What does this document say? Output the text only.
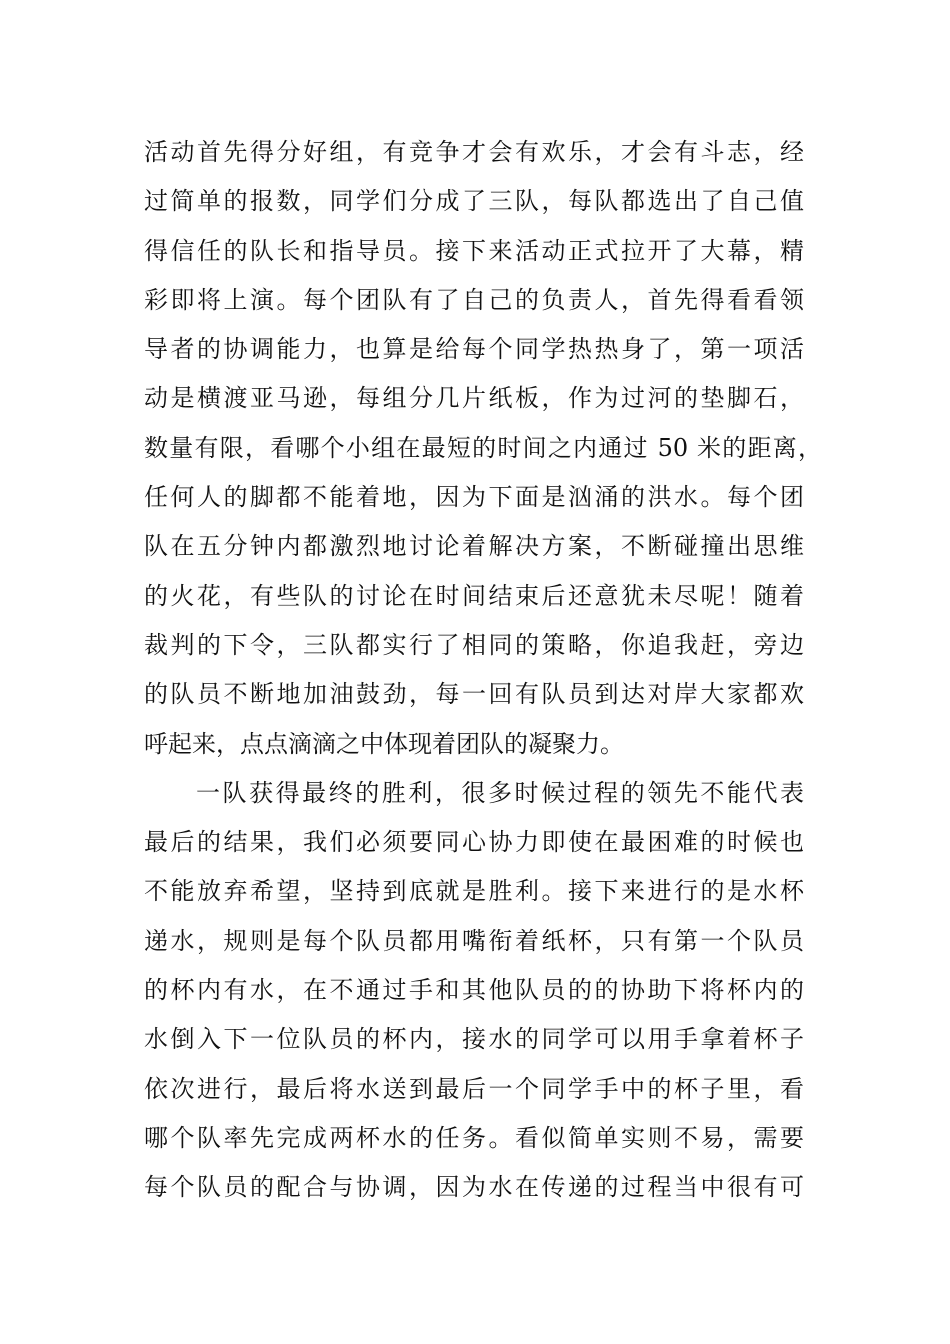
活动首先得分好组，有竞争才会有欢乐，才会有斗志，经
过简单的报数，同学们分成了三队，每队都选出了自己值
得信任的队长和指导员。接下来活动正式拉开了大幕，精
彩即将上演。每个团队有了自己的负责人，首先得看看领
导者的协调能力，也算是给每个同学热热身了，第一项活
动是横渡亚马逊，每组分几片纸板，作为过河的垫脚石，
数量有限，看哪个小组在最短的时间之内通过 50 米的距离，
任何人的脚都不能着地，因为下面是汹涌的洪水。每个团
队在五分钟内都激烈地讨论着解决方案，不断碰撞出思维
的火花，有些队的讨论在时间结束后还意犹未尽呢！随着
裁判的下令，三队都实行了相同的策略，你追我赶，旁边
的队员不断地加油鼓劲，每一回有队员到达对岸大家都欢
呼起来，点点滴滴之中体现着团队的凝聚力。
一队获得最终的胜利，很多时候过程的领先不能代表
最后的结果，我们必须要同心协力即使在最困难的时候也
不能放弃希望，坚持到底就是胜利。接下来进行的是水杯
递水，规则是每个队员都用嘴衔着纸杯，只有第一个队员
的杯内有水，在不通过手和其他队员的的协助下将杯内的
水倒入下一位队员的杯内，接水的同学可以用手拿着杯子
依次进行，最后将水送到最后一个同学手中的杯子里，看
哪个队率先完成两杯水的任务。看似简单实则不易，需要
每个队员的配合与协调，因为水在传递的过程当中很有可
